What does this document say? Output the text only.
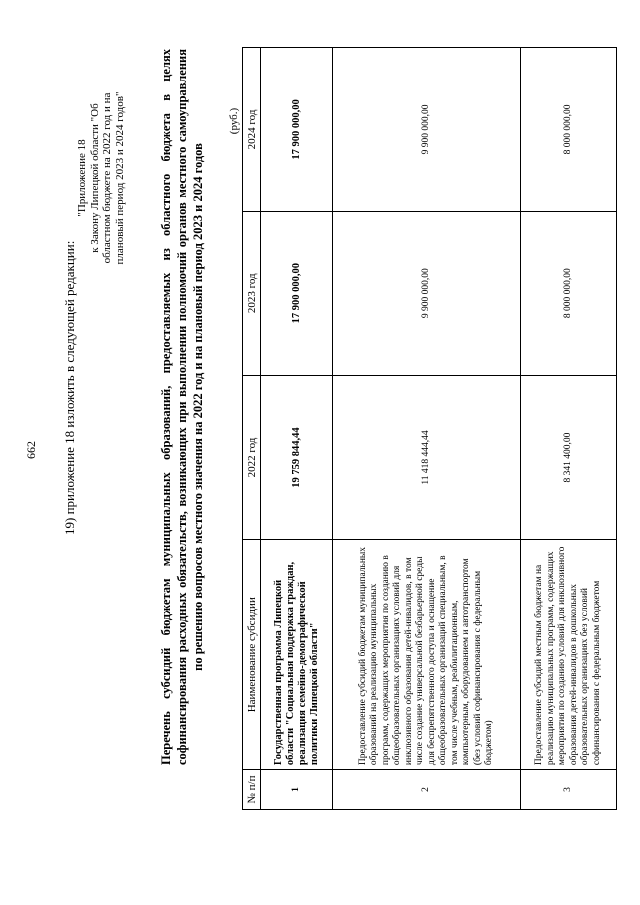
662 19) приложение 18 изложить в следующей редакции:
"Приложение 18 к Закону Липецкой области "Об областном бюджете на 2022 год и на плановый период 2023 и 2024 годов"	Перечень субсидий бюджетам муниципальных образований, предоставляемых из областного бюджета в целях софинансирования расходных обязательств, возникающих при выполнении полномочий органов местного самоуправления по решению вопросов местного значения на 2022 год и на плановый период 2023 и 2024 годов
(руб.)
№ п/п	Наименование субсидии	2022 год	2023 год	2024 год
1	Государственная программа Липецкой области "Социальная поддержка граждан, реализация семейно-демографической политики Липецкой области"	19 759 844,44	17 900 000,00	17 900 000,00
2	Предоставление субсидий бюджетам муниципальных образований на реализацию муниципальных программ, содержащих мероприятия по созданию в общеобразовательных организациях условий для инклюзивного образования детей-инвалидов, в том числе создание универсальной безбарьерной среды для беспрепятственного доступа и оснащение общеобразовательных организаций специальным, в том числе учебным, реабилитационным, компьютерным, оборудованием и автотранспортом (без условий софинансирования с федеральным бюджетом)	11 418 444,44	9 900 000,00	9 900 000,00
3	Предоставление субсидий местным бюджетам на реализацию муниципальных программ, содержащих мероприятия по созданию условий для инклюзивного образования детей-инвалидов в дошкольных образовательных организациях без условий софинансирования с федеральным бюджетом	8 341 400,00	8 000 000,00	8 000 000,00
